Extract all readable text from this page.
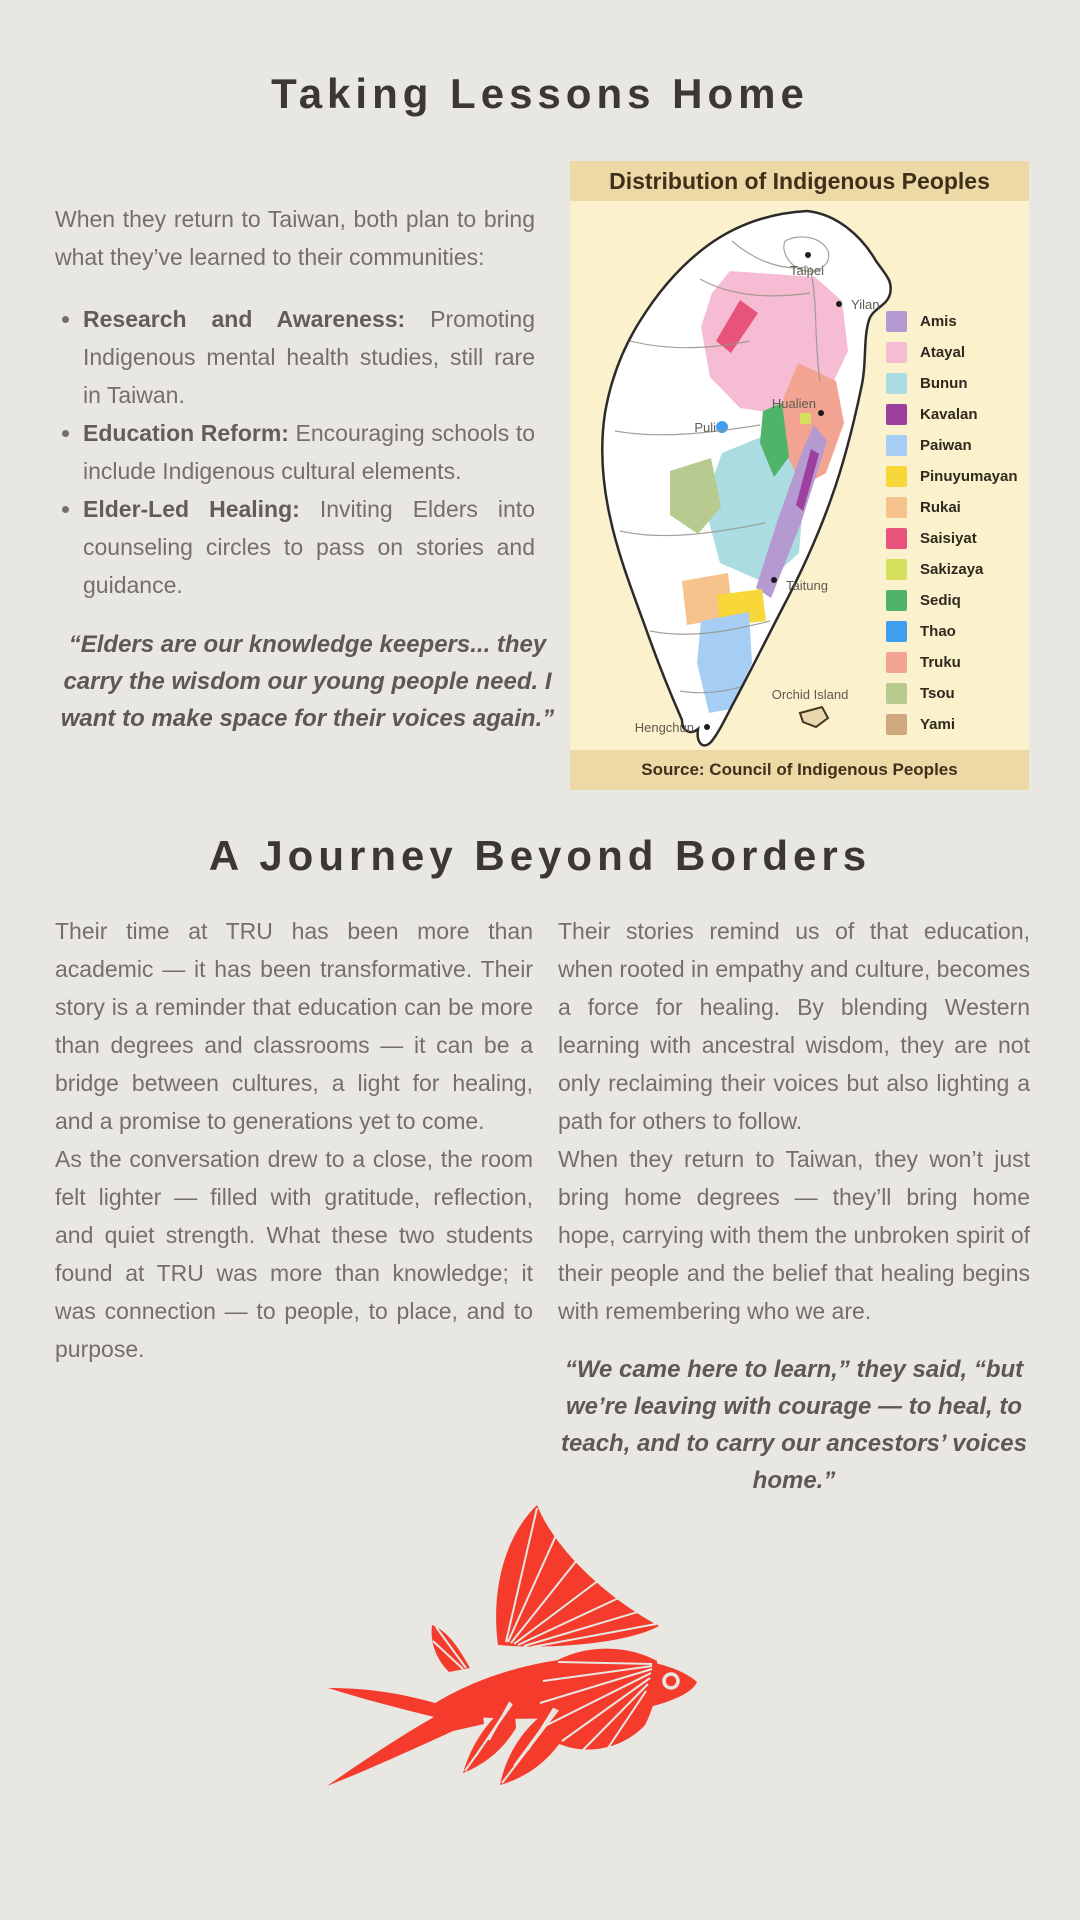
Taking Lessons Home

When they return to Taiwan, both plan to bring what they’ve learned to their communities:

• Research and Awareness: Promoting Indigenous mental health studies, still rare in Taiwan.
• Education Reform: Encouraging schools to include Indigenous cultural elements.
• Elder-Led Healing: Inviting Elders into counseling circles to pass on stories and guidance.
“Elders are our knowledge keepers... they carry the wisdom our young people need. I want to make space for their voices again.”
Distribution of Indigenous Peoples
Taipei
Yilan
Hualien
Puli
Taitung
Hengchun
Orchid Island
Amis
Atayal
Bunun
Kavalan
Paiwan
Pinuyumayan
Rukai
Saisiyat
Sakizaya
Sediq
Thao
Truku
Tsou
Yami
Source: Council of Indigenous Peoples
A Journey Beyond Borders

Their time at TRU has been more than academic — it has been transformative. Their story is a reminder that education can be more than degrees and classrooms — it can be a bridge between cultures, a light for healing, and a promise to generations yet to come.

As the conversation drew to a close, the room felt lighter — filled with gratitude, reflection, and quiet strength. What these two students found at TRU was more than knowledge; it was connection — to people, to place, and to purpose.

Their stories remind us of that education, when rooted in empathy and culture, becomes a force for healing. By blending Western learning with ancestral wisdom, they are not only reclaiming their voices but also lighting a path for others to follow.

When they return to Taiwan, they won’t just bring home degrees — they’ll bring home hope, carrying with them the unbroken spirit of their people and the belief that healing begins with remembering who we are.

“We came here to learn,” they said, “but we’re leaving with courage — to heal, to teach, and to carry our ancestors’ voices home.”
